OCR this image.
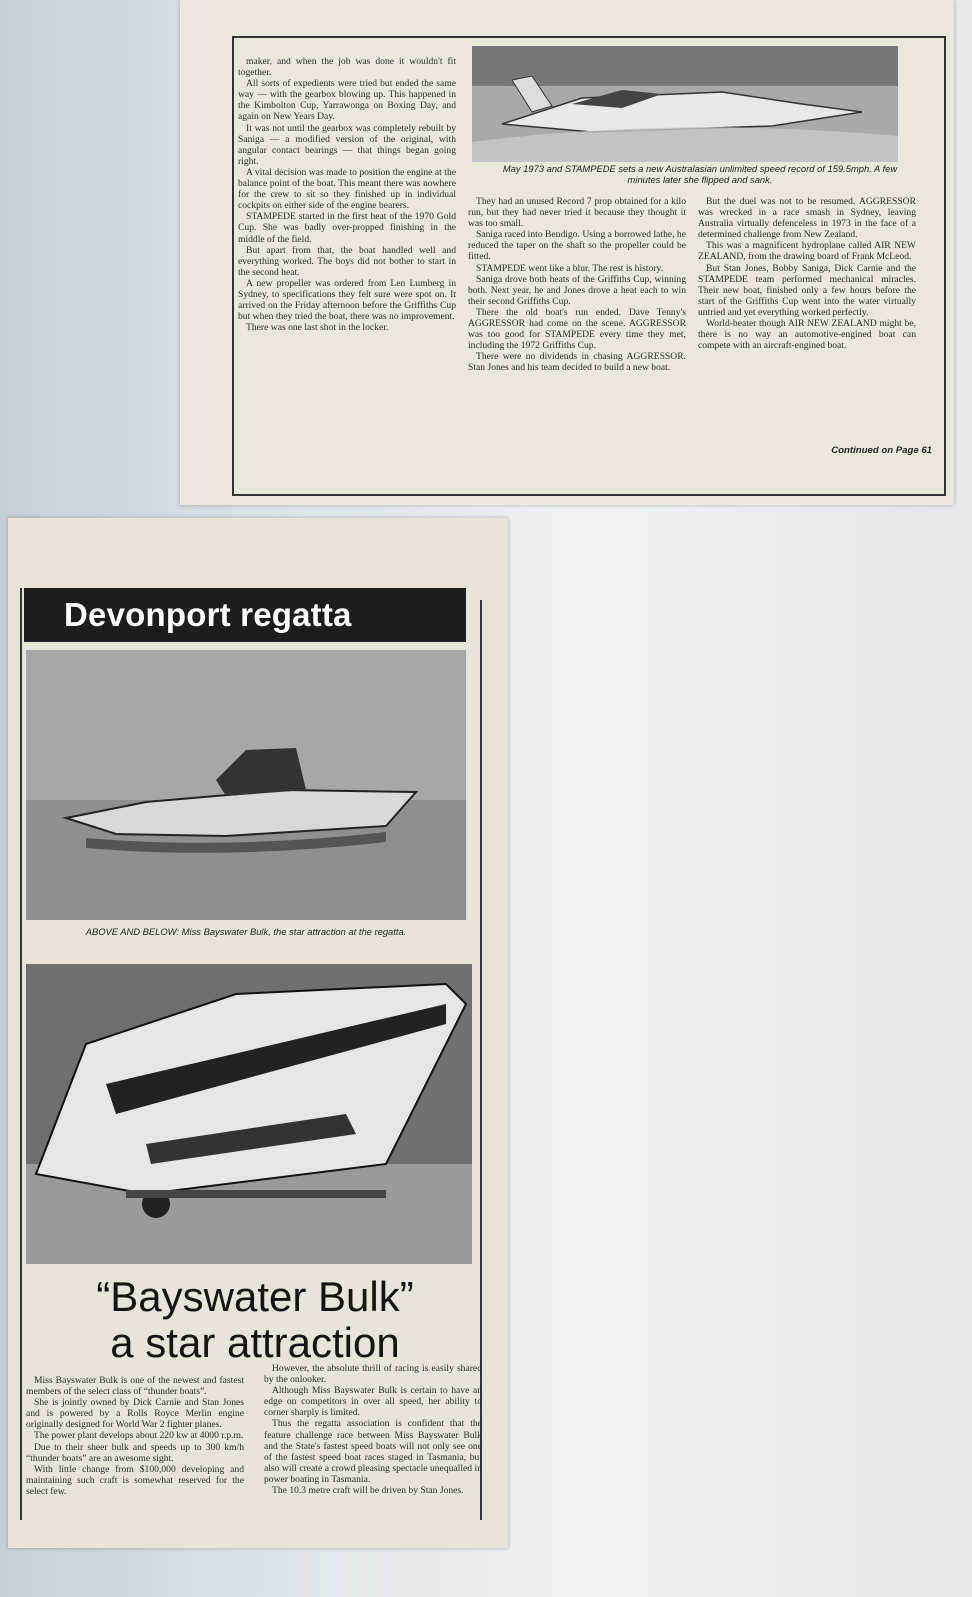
maker, and when the job was done it wouldn't fit together.

All sorts of expedients were tried but ended the same way — with the gearbox blowing up. This happened in the Kimbolton Cup, Yarrawonga on Boxing Day, and again on New Years Day.

It was not until the gearbox was completely rebuilt by Saniga — a modified version of the original, with angular contact bearings — that things began going right.

A vital decision was made to position the engine at the balance point of the boat. This meant there was nowhere for the crew to sit so they finished up in individual cockpits on either side of the engine bearers.

STAMPEDE started in the first heat of the 1970 Gold Cup. She was badly over-propped finishing in the middle of the field.

But apart from that, the boat handled well and everything worked. The boys did not bother to start in the second heat.

A new propeller was ordered from Len Lumberg in Sydney, to specifications they felt sure were spot on. It arrived on the Friday afternoon before the Griffiths Cup but when they tried the boat, there was no improvement.

There was one last shot in the locker.

May 1973 and STAMPEDE sets a new Australasian unlimited speed record of 159.5mph. A few minutes later she flipped and sank.

They had an unused Record 7 prop obtained for a kilo run, but they had never tried it because they thought it was too small.

Saniga raced into Bendigo. Using a borrowed lathe, he reduced the taper on the shaft so the propeller could be fitted.

STAMPEDE went like a blur. The rest is history.

Saniga drove both heats of the Griffiths Cup, winning both. Next year, he and Jones drove a heat each to win their second Griffiths Cup.

There the old boat's run ended. Dave Tenny's AGGRESSOR had come on the scene. AGGRESSOR was too good for STAMPEDE every time they met, including the 1972 Griffiths Cup.

There were no dividends in chasing AGGRESSOR. Stan Jones and his team decided to build a new boat.

But the duel was not to be resumed. AGGRESSOR was wrecked in a race smash in Sydney, leaving Australia virtually defenceless in 1973 in the face of a determined challenge from New Zealand.

This was a magnificent hydroplane called AIR NEW ZEALAND, from the drawing board of Frank McLeod.

But Stan Jones, Bobby Saniga, Dick Carnie and the STAMPEDE team performed mechanical miracles. Their new boat, finished only a few hours before the start of the Griffiths Cup went into the water virtually untried and yet everything worked perfectly.

World-beater though AIR NEW ZEALAND might be, there is no way an automotive-engined boat can compete with an aircraft-engined boat.

Continued on Page 61
Devonport regatta
ABOVE AND BELOW: Miss Bayswater Bulk, the star attraction at the regatta.
“Bayswater Bulk”
a star attraction

Miss Bayswater Bulk is one of the newest and fastest members of the select class of “thunder boats”.

She is jointly owned by Dick Carnie and Stan Jones and is powered by a Rolls Royce Merlin engine originally designed for World War 2 fighter planes.

The power plant develops about 220 kw at 4000 r.p.m.

Due to their sheer bulk and speeds up to 300 km/h “thunder boats” are an awesome sight.

With little change from $100,000 developing and maintaining such craft is somewhat reserved for the select few.

However, the absolute thrill of racing is easily shared by the onlooker.

Although Miss Bayswater Bulk is certain to have an edge on competitors in over all speed, her ability to corner sharply is limited.

Thus the regatta association is confident that the feature challenge race between Miss Bayswater Bulk and the State's fastest speed boats will not only see one of the fastest speed boat races staged in Tasmania, but also will create a crowd pleasing spectacle unequalled in power boating in Tasmania.

The 10.3 metre craft will be driven by Stan Jones.
